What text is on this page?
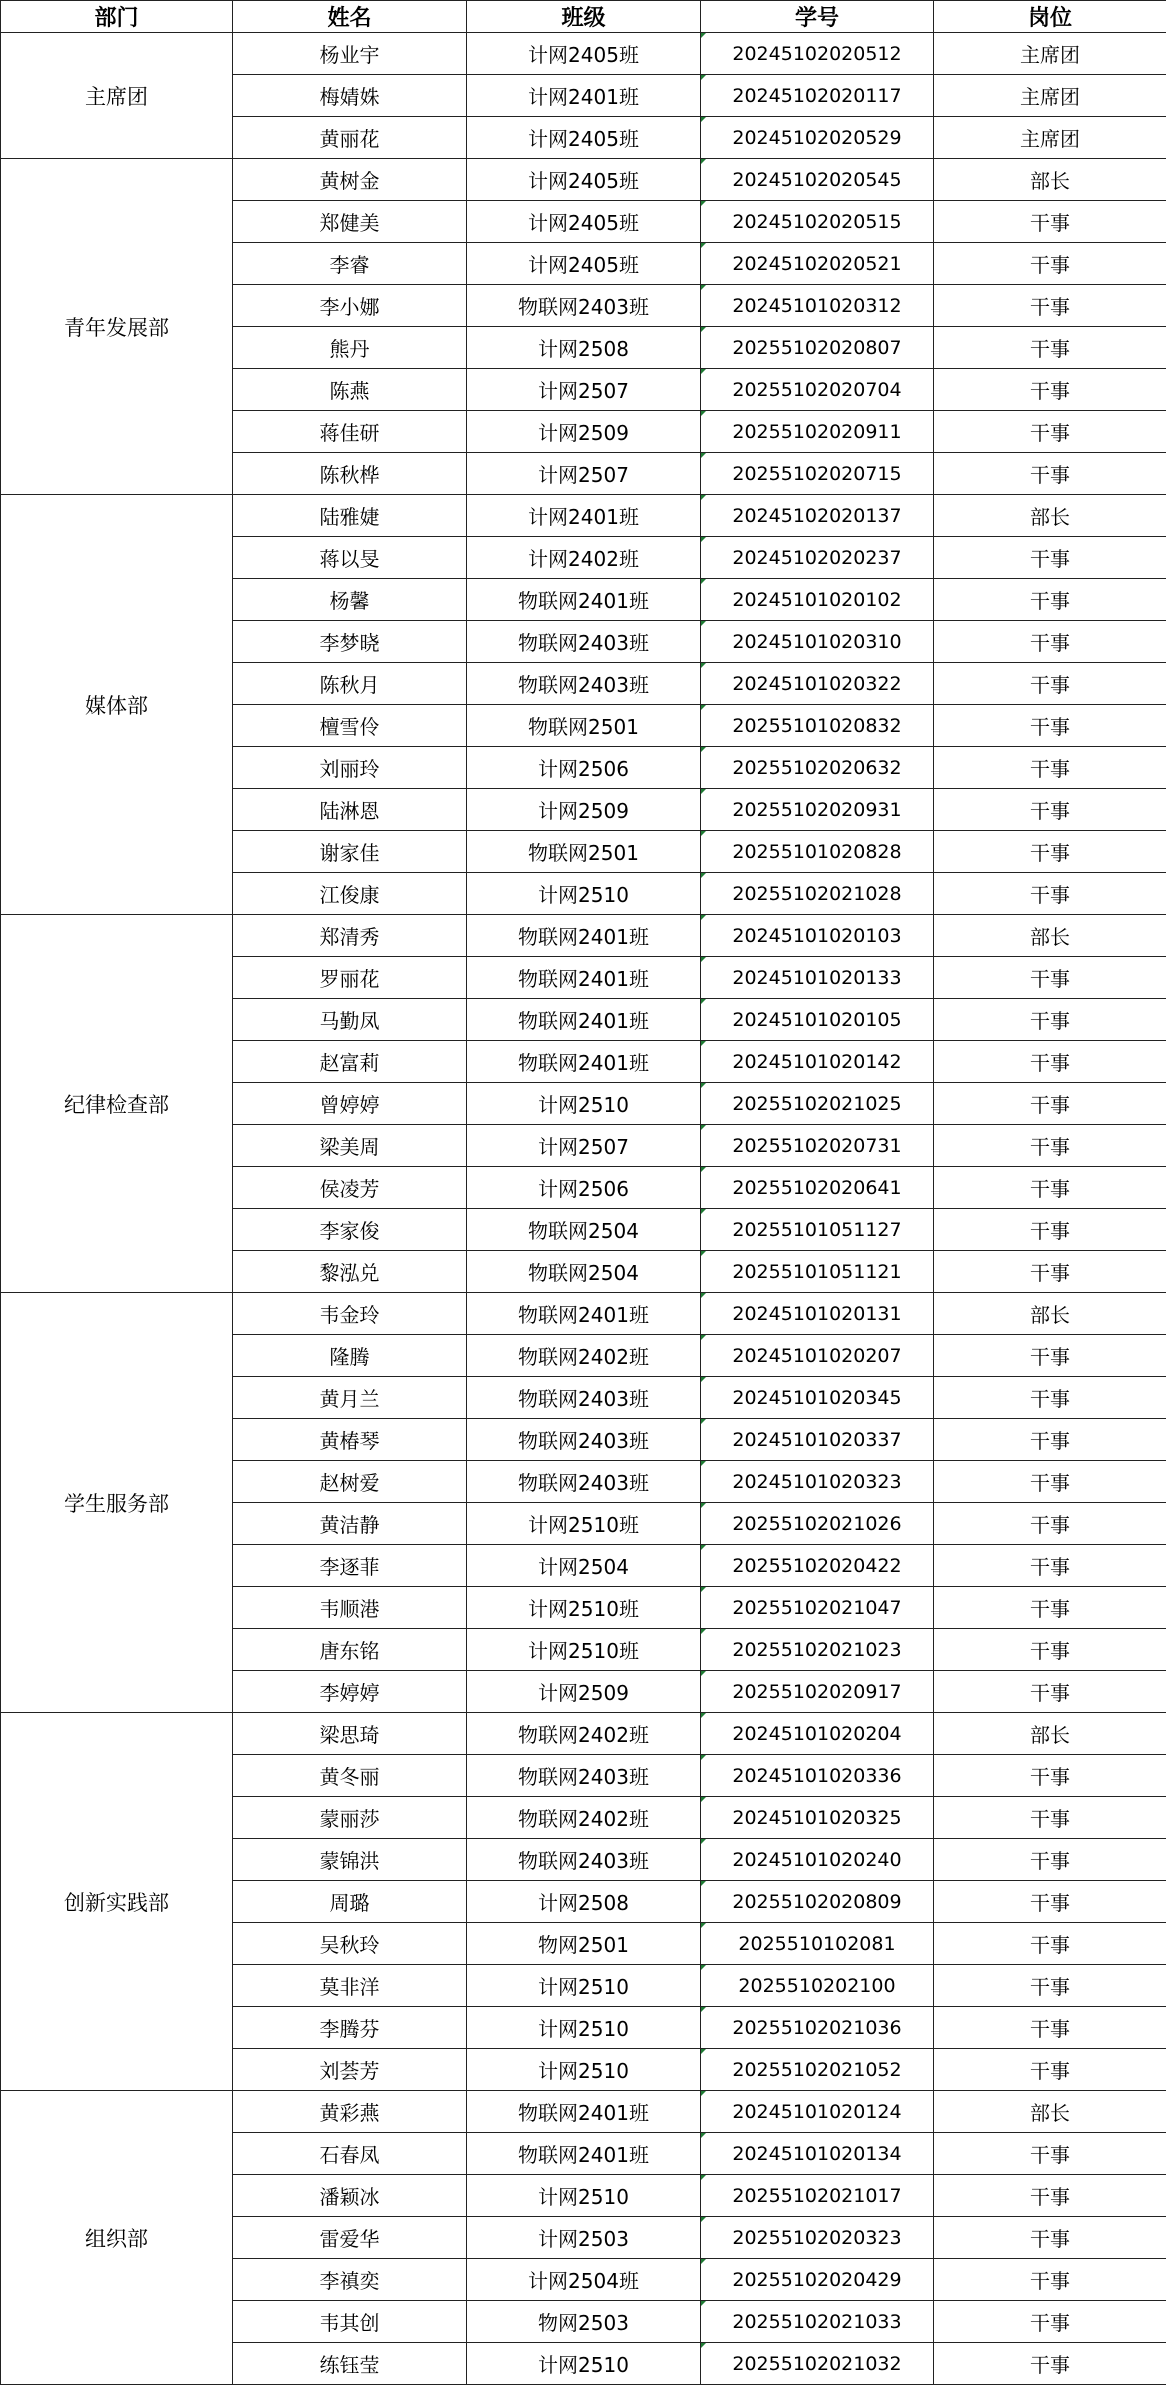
部门	姓名	班级	学号	岗位
主席团	杨业宇	计网2405班	20245102020512	主席团
	梅婧姝	计网2401班	20245102020117	主席团
	黄丽花	计网2405班	20245102020529	主席团
青年发展部	黄树金	计网2405班	20245102020545	部长
	郑健美	计网2405班	20245102020515	干事
	李睿	计网2405班	20245102020521	干事
	李小娜	物联网2403班	20245101020312	干事
	熊丹	计网2508	20255102020807	干事
	陈燕	计网2507	20255102020704	干事
	蒋佳研	计网2509	20255102020911	干事
	陈秋桦	计网2507	20255102020715	干事
媒体部	陆雅婕	计网2401班	20245102020137	部长
	蒋以旻	计网2402班	20245102020237	干事
	杨馨	物联网2401班	20245101020102	干事
	李梦晓	物联网2403班	20245101020310	干事
	陈秋月	物联网2403班	20245101020322	干事
	檀雪伶	物联网2501	20255101020832	干事
	刘丽玲	计网2506	20255102020632	干事
	陆淋恩	计网2509	20255102020931	干事
	谢家佳	物联网2501	20255101020828	干事
	江俊康	计网2510	20255102021028	干事
纪律检查部	郑清秀	物联网2401班	20245101020103	部长
	罗丽花	物联网2401班	20245101020133	干事
	马勤凤	物联网2401班	20245101020105	干事
	赵富莉	物联网2401班	20245101020142	干事
	曾婷婷	计网2510	20255102021025	干事
	梁美周	计网2507	20255102020731	干事
	侯凌芳	计网2506	20255102020641	干事
	李家俊	物联网2504	20255101051127	干事
	黎泓兑	物联网2504	20255101051121	干事
学生服务部	韦金玲	物联网2401班	20245101020131	部长
	隆腾	物联网2402班	20245101020207	干事
	黄月兰	物联网2403班	20245101020345	干事
	黄椿琴	物联网2403班	20245101020337	干事
	赵树爱	物联网2403班	20245101020323	干事
	黄洁静	计网2510班	20255102021026	干事
	李逐菲	计网2504	20255102020422	干事
	韦顺港	计网2510班	20255102021047	干事
	唐东铭	计网2510班	20255102021023	干事
	李婷婷	计网2509	20255102020917	干事
创新实践部	梁思琦	物联网2402班	20245101020204	部长
	黄冬丽	物联网2403班	20245101020336	干事
	蒙丽莎	物联网2402班	20245101020325	干事
	蒙锦洪	物联网2403班	20245101020240	干事
	周璐	计网2508	20255102020809	干事
	吴秋玲	物网2501	2025510102081	干事
	莫非洋	计网2510	2025510202100	干事
	李腾芬	计网2510	20255102021036	干事
	刘荟芳	计网2510	20255102021052	干事
组织部	黄彩燕	物联网2401班	20245101020124	部长
	石春凤	物联网2401班	20245101020134	干事
	潘颖冰	计网2510	20255102021017	干事
	雷爱华	计网2503	20255102020323	干事
	李禛奕	计网2504班	20255102020429	干事
	韦其创	物网2503	20255102021033	干事
	练钰莹	计网2510	20255102021032	干事
